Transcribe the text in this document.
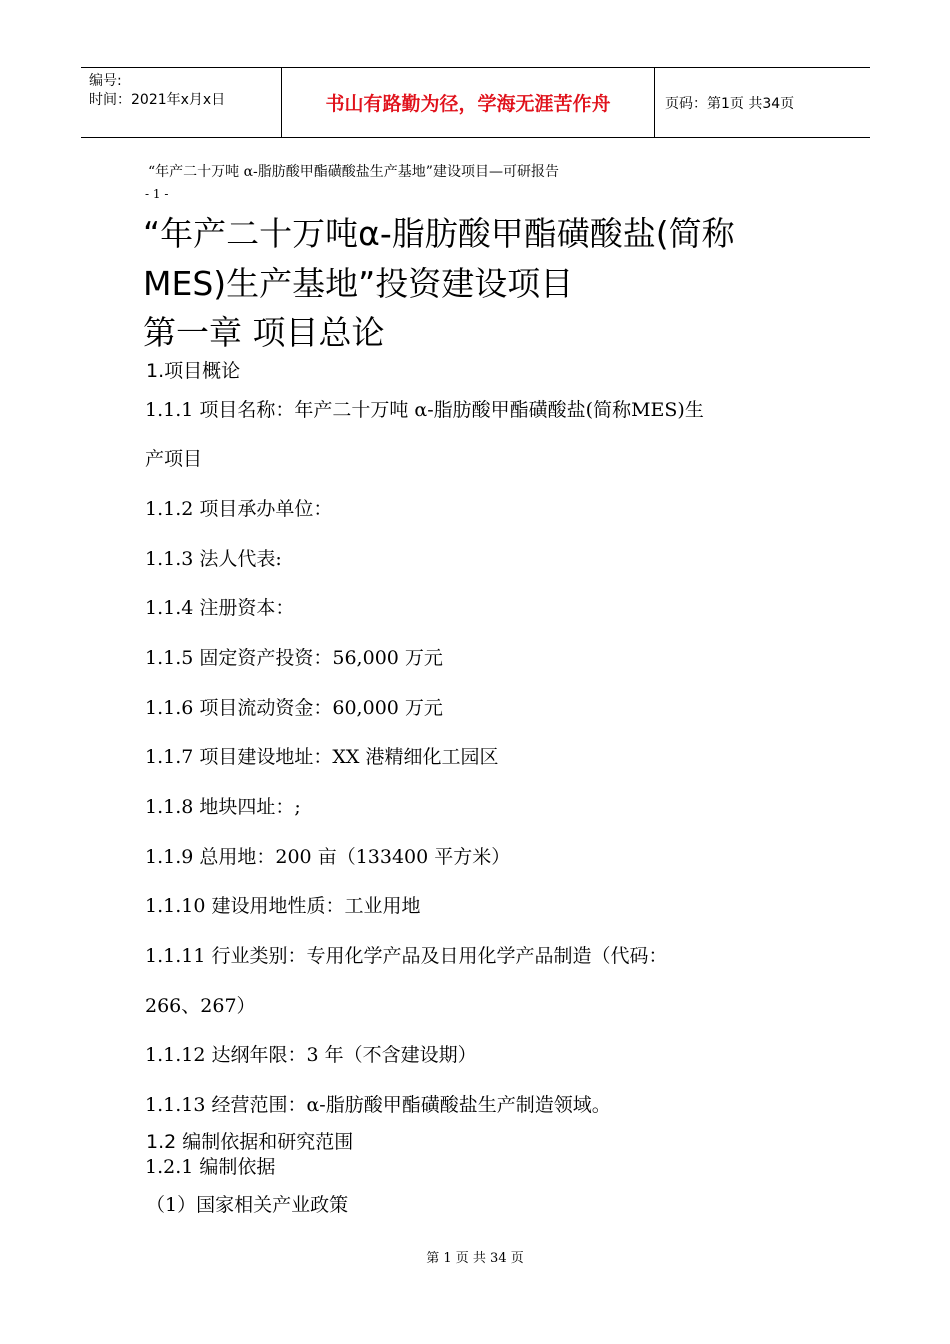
编号:
时间：2021年x月x日	书山有路勤为径，学海无涯苦作舟	页码：第1页 共34页
“年产二十万吨 α-脂肪酸甲酯磺酸盐生产基地”建设项目—可研报告
- 1 -
“年产二十万吨α-脂肪酸甲酯磺酸盐(简称
MES)生产基地”投资建设项目
第一章 项目总论
1.项目概论
1.1.1 项目名称：年产二十万吨 α-脂肪酸甲酯磺酸盐(简称MES)生
产项目
1.1.2 项目承办单位：
1.1.3 法人代表:
1.1.4 注册资本：
1.1.5 固定资产投资：56,000 万元
1.1.6 项目流动资金：60,000 万元
1.1.7 项目建设地址：XX 港精细化工园区
1.1.8 地块四址：;
1.1.9 总用地：200 亩（133400 平方米）
1.1.10 建设用地性质：工业用地
1.1.11 行业类别：专用化学产品及日用化学产品制造（代码：
266、267）
1.1.12 达纲年限：3 年（不含建设期）
1.1.13 经营范围：α-脂肪酸甲酯磺酸盐生产制造领域。
1.2 编制依据和研究范围
1.2.1 编制依据
（1）国家相关产业政策
第 1 页 共 34 页
